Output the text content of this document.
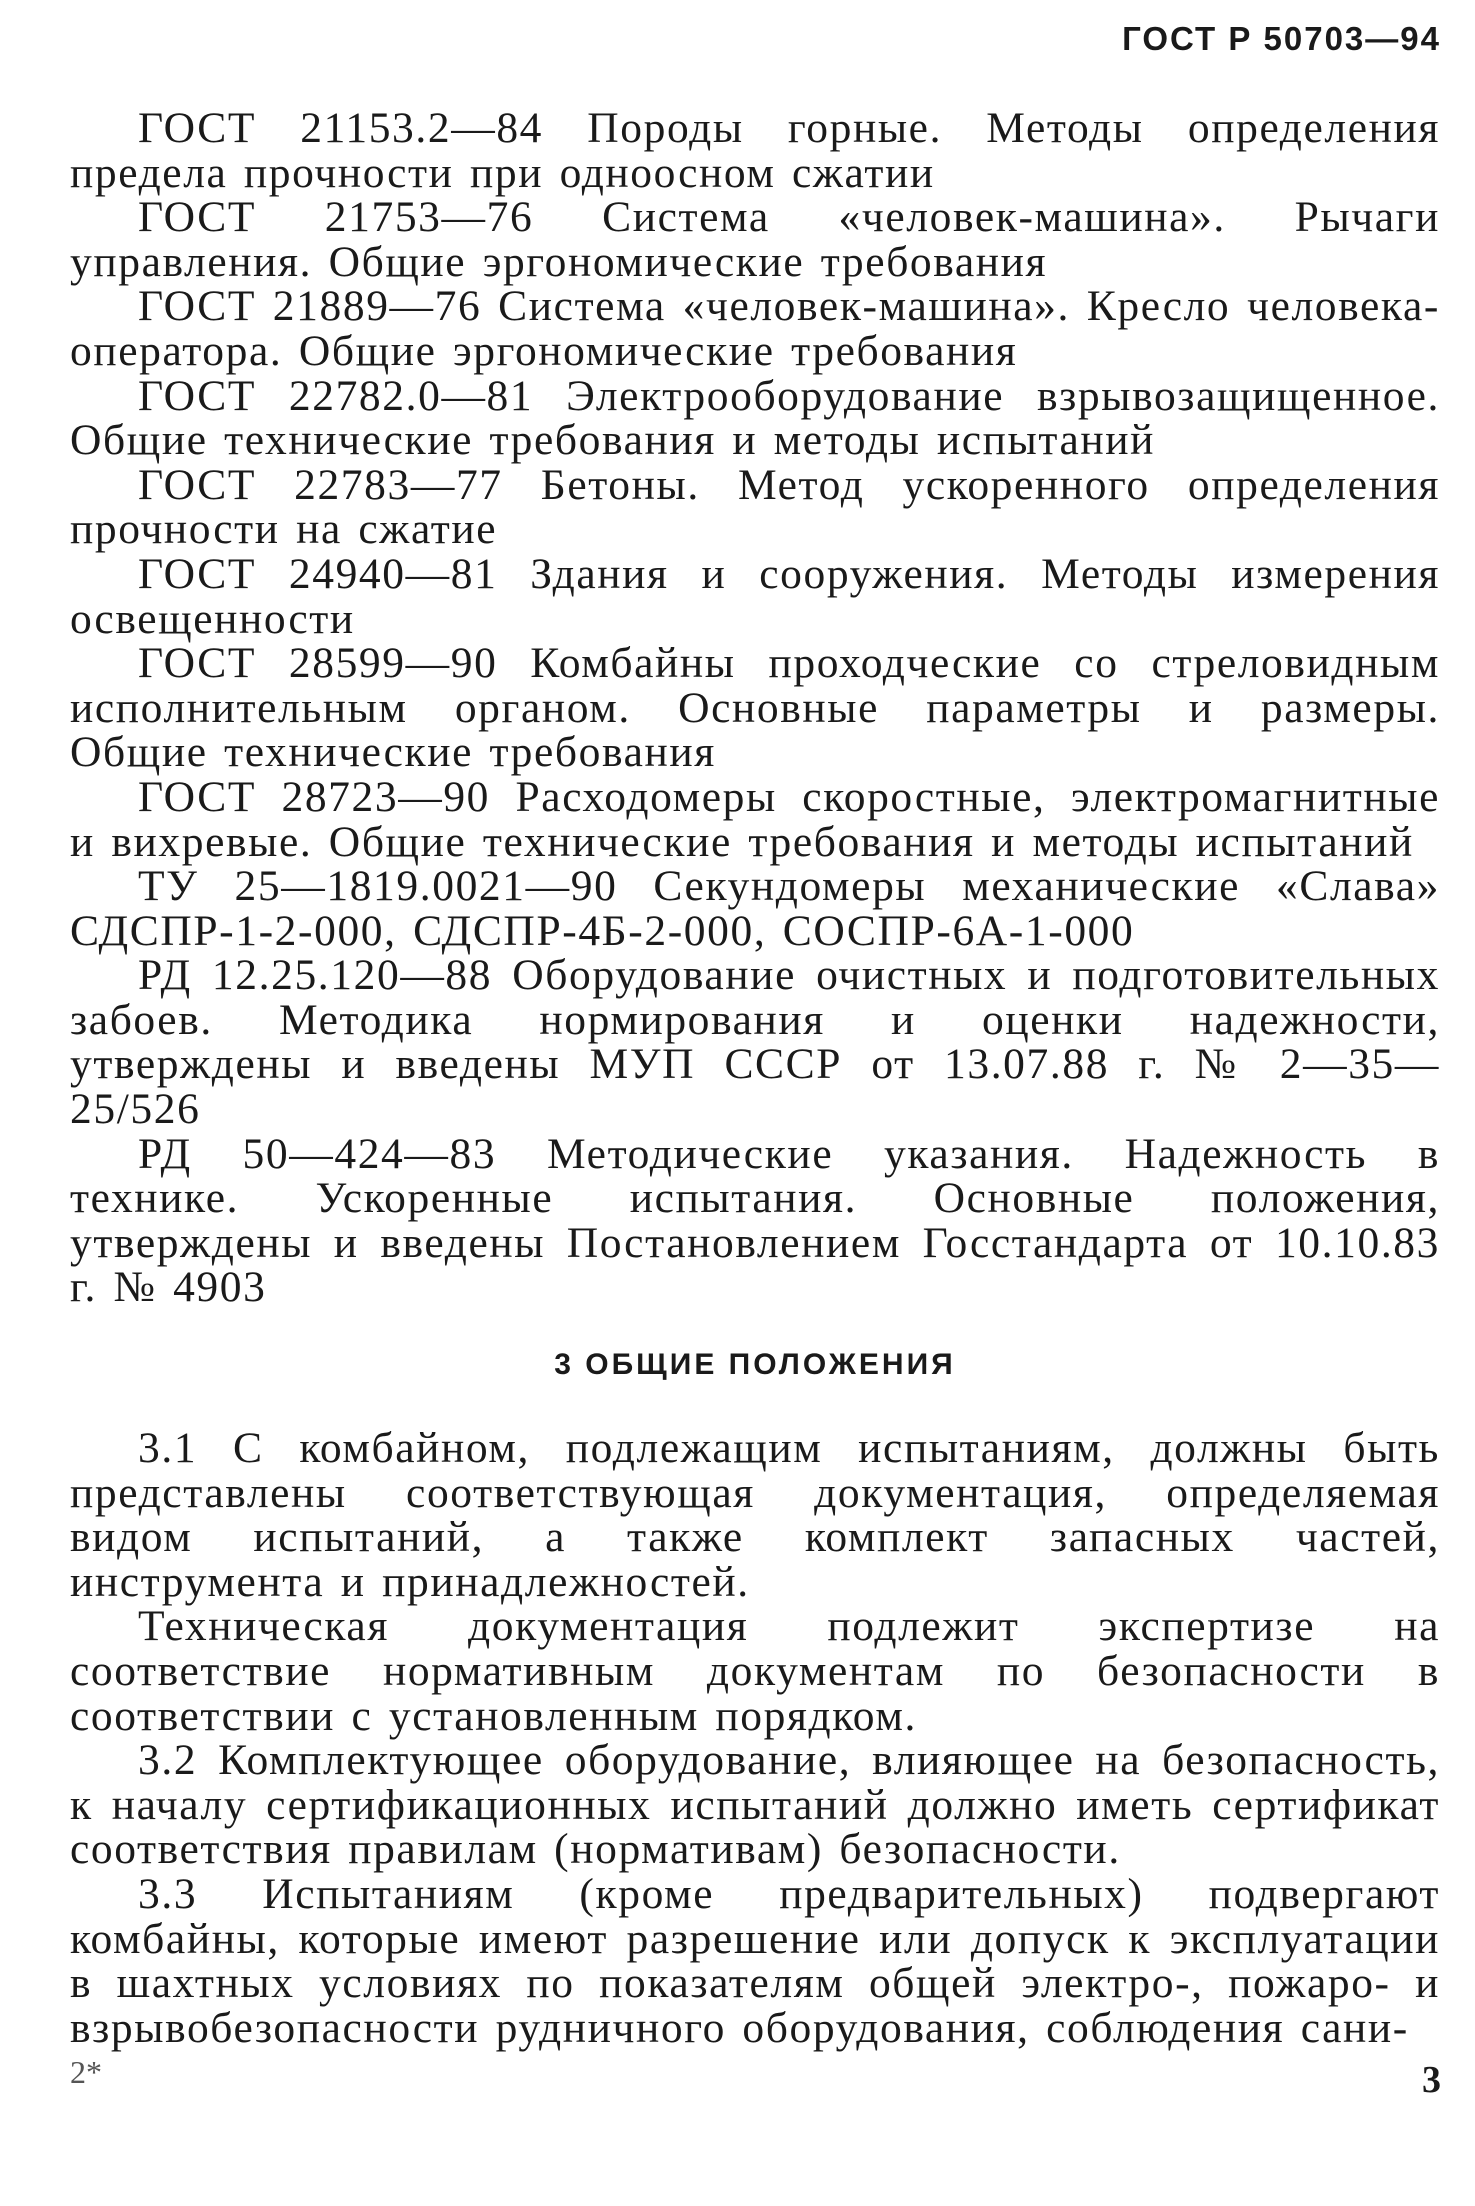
ГОСТ Р 50703—94

ГОСТ 21153.2—84 Породы горные. Методы определения предела прочности при одноосном сжатии

ГОСТ 21753—76 Система «человек-машина». Рычаги управления. Общие эргономические требования

ГОСТ 21889—76 Система «человек-машина». Кресло человека-оператора. Общие эргономические требования

ГОСТ 22782.0—81 Электрооборудование взрывозащищенное. Общие технические требования и методы испытаний

ГОСТ 22783—77 Бетоны. Метод ускоренного определения прочности на сжатие

ГОСТ 24940—81 Здания и сооружения. Методы измерения освещенности

ГОСТ 28599—90 Комбайны проходческие со стреловидным исполнительным органом. Основные параметры и размеры. Общие технические требования

ГОСТ 28723—90 Расходомеры скоростные, электромагнитные и вихревые. Общие технические требования и методы испытаний

ТУ 25—1819.0021—90 Секундомеры механические «Слава» СДСПР-1-2-000, СДСПР-4Б-2-000, СОСПР-6А-1-000

РД 12.25.120—88 Оборудование очистных и подготовительных забоев. Методика нормирования и оценки надежности, утверждены и введены МУП СССР от 13.07.88 г. № 2—35—25/526

РД 50—424—83 Методические указания. Надежность в технике. Ускоренные испытания. Основные положения, утверждены и введены Постановлением Госстандарта от 10.10.83 г. № 4903

3 ОБЩИЕ ПОЛОЖЕНИЯ

3.1 С комбайном, подлежащим испытаниям, должны быть представлены соответствующая документация, определяемая видом испытаний, а также комплект запасных частей, инструмента и принадлежностей.

Техническая документация подлежит экспертизе на соответствие нормативным документам по безопасности в соответствии с установленным порядком.

3.2 Комплектующее оборудование, влияющее на безопасность, к началу сертификационных испытаний должно иметь сертификат соответствия правилам (нормативам) безопасности.

3.3 Испытаниям (кроме предварительных) подвергают комбайны, которые имеют разрешение или допуск к эксплуатации в шахтных условиях по показателям общей электро-, пожаро- и взрывобезопасности рудничного оборудования, соблюдения сани-

2*	3
